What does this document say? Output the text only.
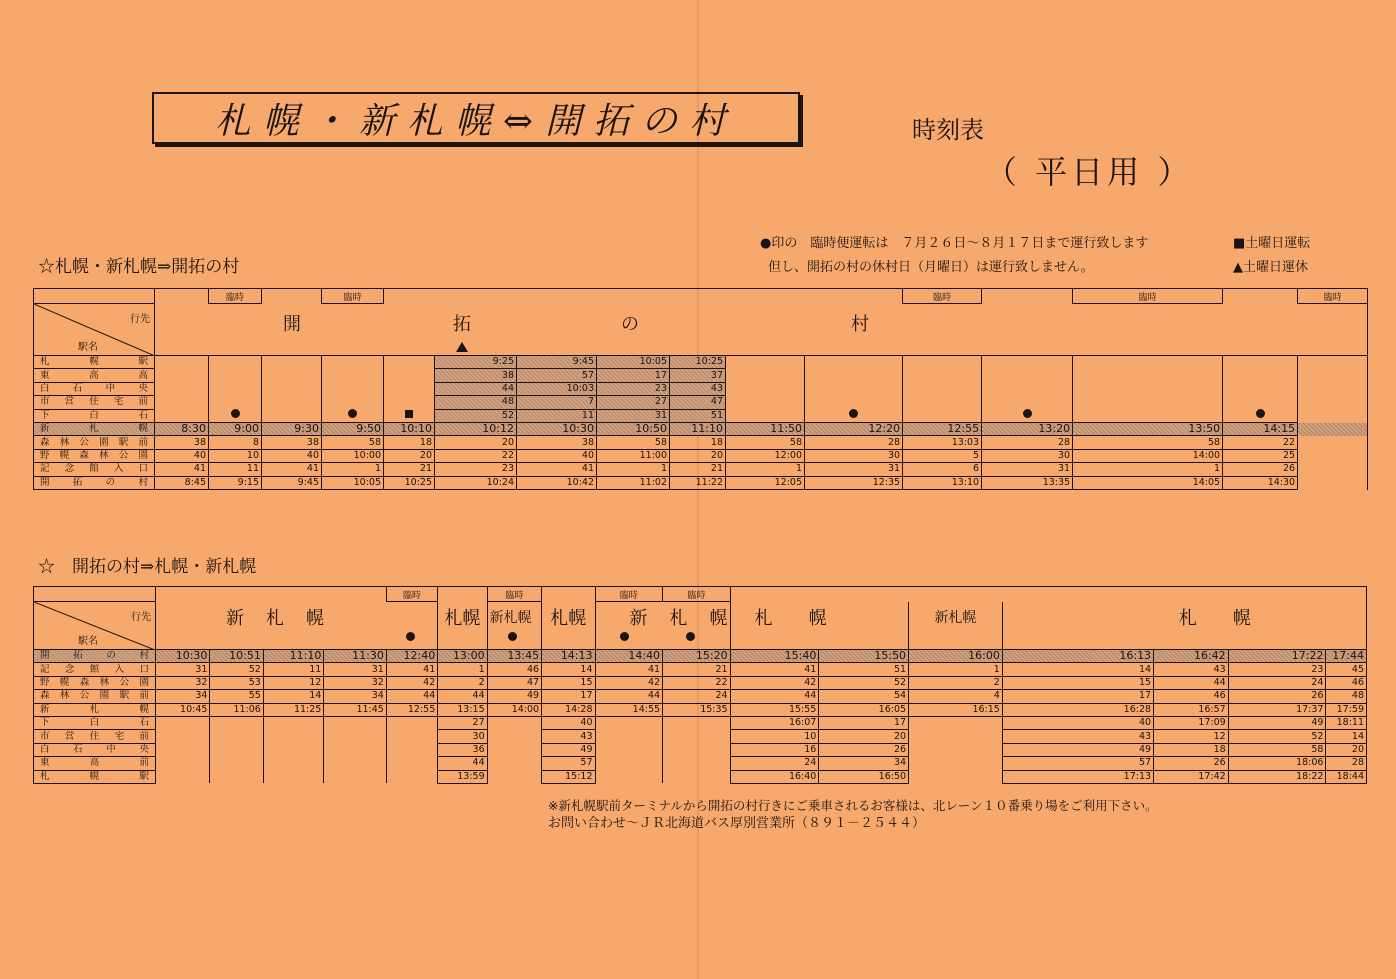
札幌・新札幌⇔開拓の村	時刻表
（ 平日用 ）
●印の　臨時便運転は　７月２６日～８月１７日まで運行致します
但し、開拓の村の休村日（月曜日）は運行致しません。
■土曜日運転
▲土曜日運休
☆札幌・新札幌⇒開拓の村
		臨時		臨時								臨時		臨時		臨時	

行先
駅名	開 拓 の 村																

札　幌　駅						9:25	9:45	10:05	10:25								
東　高　高						38	57	17	37								
白石中央						44	10:03	23	43								
市営住宅前						48	7	27	47								
下　白　石						52	11	31	51								
新　札　幌	8:30	9:00	9:30	9:50	10:10	10:12	10:30	10:50	11:10	11:50	12:20	12:55	13:20	13:50	14:15		
森林公園駅前	38	8	38	58	18	20	38	58	18	58	28	13:03	28	58	22		
野幌森林公園	40	10	40	10:00	20	22	40	11:00	20	12:00	30	5	30	14:00	25		
記念館入口	41	11	41	1	21	23	41	1	21	1	31	6	31	1	26		
開拓の村	8:45	9:15	9:45	10:05	10:25	10:24	10:42	11:02	11:22	12:05	12:35	13:10	13:35	14:05	14:30		
☆　開拓の村⇒札幌・新札幌
					臨時		臨時		臨時	臨時							

行先
駅名	新　札　幌					札幌	新札幌	札幌	新　札　幌		札　　幌		新札幌	札　　幌			

開拓の村	10:30	10:51	11:10	11:30	12:40	13:00	13:45	14:13	14:40	15:20	15:40	15:50	16:00	16:13	16:42	17:22	17:44
記念館入口	31	52	11	31	41	1	46	14	41	21	41	51	1	14	43	23	45
野幌森林公園	32	53	12	32	42	2	47	15	42	22	42	52	2	15	44	24	46
森林公園駅前	34	55	14	34	44	44	49	17	44	24	44	54	4	17	46	26	48
新　札　幌	10:45	11:06	11:25	11:45	12:55	13:15	14:00	14:28	14:55	15:35	15:55	16:05	16:15	16:28	16:57	17:37	17:59
下　白　石						27		40			16:07	17		40	17:09	49	18:11
市営住宅前						30		43			10	20		43	12	52	14
白石中央						36		49			16	26		49	18	58	20
東　高　前						44		57			24	34		57	26	18:06	28
札　幌　駅						13:59		15:12			16:40	16:50		17:13	17:42	18:22	18:44
※新札幌駅前ターミナルから開拓の村行きにご乗車されるお客様は、北レーン１０番乗り場をご利用下さい。
お問い合わせ～ＪＲ北海道バス厚別営業所（８９１－２５４４）
